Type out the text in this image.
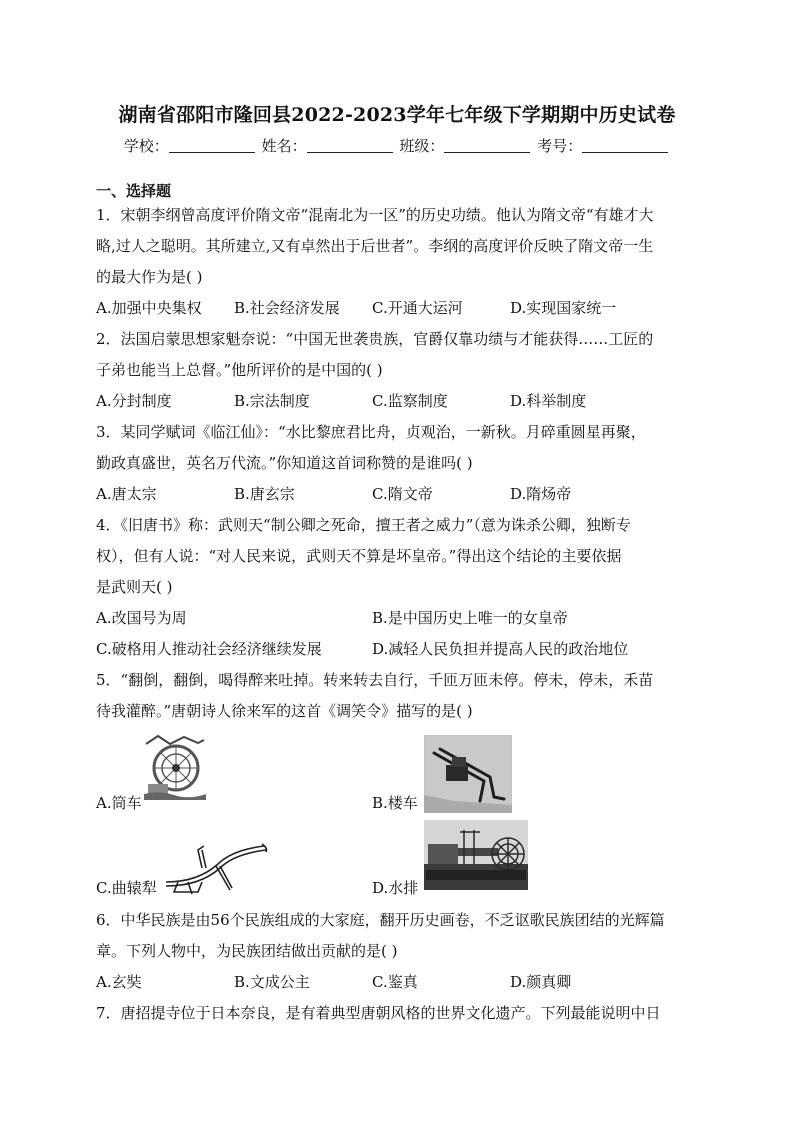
湖南省邵阳市隆回县2022-2023学年七年级下学期期中历史试卷
学校：	姓名：	班级：	考号：
一、选择题
1．宋朝李纲曾高度评价隋文帝“混南北为一区”的历史功绩。他认为隋文帝“有雄才大
略,过人之聪明。其所建立,又有卓然出于后世者”。李纲的高度评价反映了隋文帝一生
的最大作为是( )
A.加强中央集权 B.社会经济发展 C.开通大运河	D.实现国家统一
2．法国启蒙思想家魁奈说：“中国无世袭贵族，官爵仅靠功绩与才能获得……工匠的
子弟也能当上总督。”他所评价的是中国的( )
A.分封制度	B.宗法制度	C.监察制度	D.科举制度
3．某同学赋词《临江仙》：“水比黎庶君比舟，贞观治，一新秋。月碎重圆星再聚，
勤政真盛世，英名万代流。”你知道这首词称赞的是谁吗( )
A.唐太宗	B.唐玄宗	C.隋文帝	D.隋炀帝
4．《旧唐书》称：武则天“制公卿之死命，擅王者之威力”（意为诛杀公卿，独断专
权），但有人说：“对人民来说，武则天不算是坏皇帝。”得出这个结论的主要依据
是武则天( )
A.改国号为周	B.是中国历史上唯一的女皇帝
C.破格用人推动社会经济继续发展	D.减轻人民负担并提高人民的政治地位
5．“翻倒，翻倒，喝得醉来吐掉。转来转去自行，千匝万匝未停。停未，停未，禾苗
待我灌醉。”唐朝诗人徐来军的这首《调笑令》描写的是( )
A.筒车	B.楼车
C.曲辕犁	D.水排
6．中华民族是由56个民族组成的大家庭，翻开历史画卷，不乏讴歌民族团结的光辉篇
章。下列人物中，为民族团结做出贡献的是( )
A.玄奘	B.文成公主	C.鉴真	D.颜真卿
7．唐招提寺位于日本奈良，是有着典型唐朝风格的世界文化遗产。下列最能说明中日
